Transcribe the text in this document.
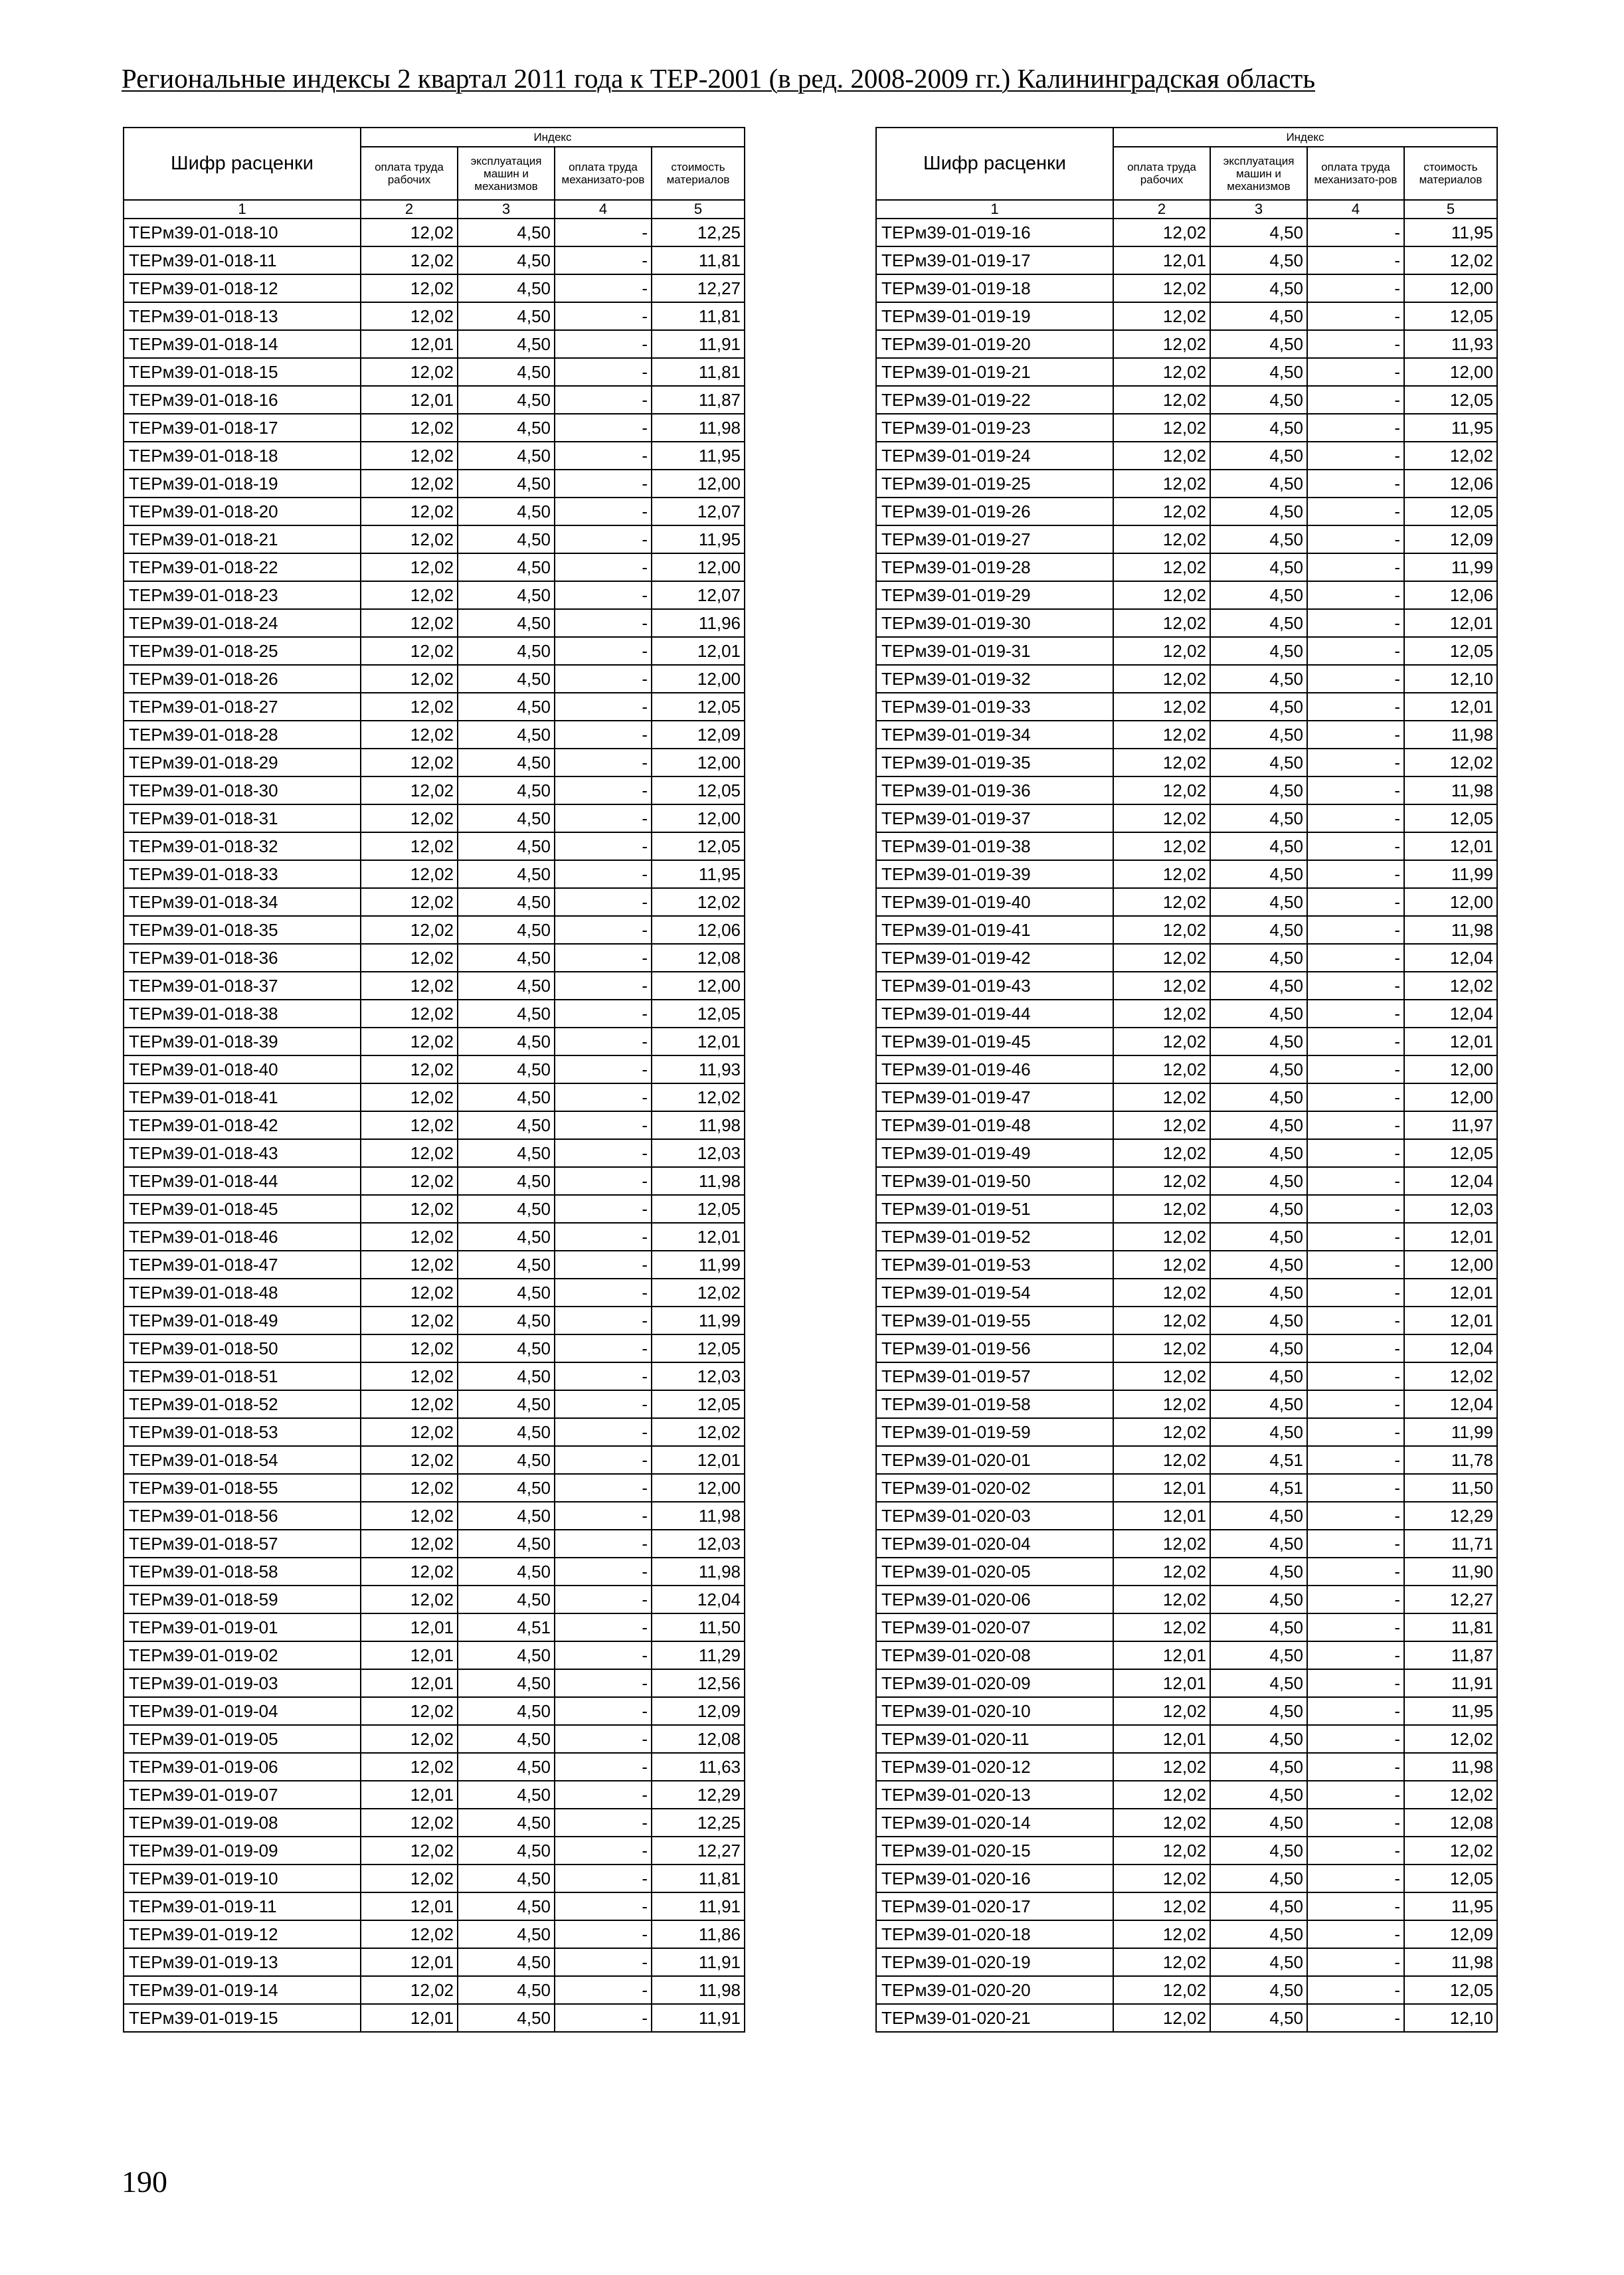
Региональные индексы 2 квартал 2011 года к ТЕР-2001 (в ред. 2008-2009 гг.) Калининградская область
Шифр расценки	Индекс			
	оплата труда рабочих	эксплуатация машин и механизмов	оплата труда механизато-ров	стоимость материалов
1	2	3	4	5
ТЕРм39-01-018-10	12,02	4,50	-	12,25
ТЕРм39-01-018-11	12,02	4,50	-	11,81
ТЕРм39-01-018-12	12,02	4,50	-	12,27
ТЕРм39-01-018-13	12,02	4,50	-	11,81
ТЕРм39-01-018-14	12,01	4,50	-	11,91
ТЕРм39-01-018-15	12,02	4,50	-	11,81
ТЕРм39-01-018-16	12,01	4,50	-	11,87
ТЕРм39-01-018-17	12,02	4,50	-	11,98
ТЕРм39-01-018-18	12,02	4,50	-	11,95
ТЕРм39-01-018-19	12,02	4,50	-	12,00
ТЕРм39-01-018-20	12,02	4,50	-	12,07
ТЕРм39-01-018-21	12,02	4,50	-	11,95
ТЕРм39-01-018-22	12,02	4,50	-	12,00
ТЕРм39-01-018-23	12,02	4,50	-	12,07
ТЕРм39-01-018-24	12,02	4,50	-	11,96
ТЕРм39-01-018-25	12,02	4,50	-	12,01
ТЕРм39-01-018-26	12,02	4,50	-	12,00
ТЕРм39-01-018-27	12,02	4,50	-	12,05
ТЕРм39-01-018-28	12,02	4,50	-	12,09
ТЕРм39-01-018-29	12,02	4,50	-	12,00
ТЕРм39-01-018-30	12,02	4,50	-	12,05
ТЕРм39-01-018-31	12,02	4,50	-	12,00
ТЕРм39-01-018-32	12,02	4,50	-	12,05
ТЕРм39-01-018-33	12,02	4,50	-	11,95
ТЕРм39-01-018-34	12,02	4,50	-	12,02
ТЕРм39-01-018-35	12,02	4,50	-	12,06
ТЕРм39-01-018-36	12,02	4,50	-	12,08
ТЕРм39-01-018-37	12,02	4,50	-	12,00
ТЕРм39-01-018-38	12,02	4,50	-	12,05
ТЕРм39-01-018-39	12,02	4,50	-	12,01
ТЕРм39-01-018-40	12,02	4,50	-	11,93
ТЕРм39-01-018-41	12,02	4,50	-	12,02
ТЕРм39-01-018-42	12,02	4,50	-	11,98
ТЕРм39-01-018-43	12,02	4,50	-	12,03
ТЕРм39-01-018-44	12,02	4,50	-	11,98
ТЕРм39-01-018-45	12,02	4,50	-	12,05
ТЕРм39-01-018-46	12,02	4,50	-	12,01
ТЕРм39-01-018-47	12,02	4,50	-	11,99
ТЕРм39-01-018-48	12,02	4,50	-	12,02
ТЕРм39-01-018-49	12,02	4,50	-	11,99
ТЕРм39-01-018-50	12,02	4,50	-	12,05
ТЕРм39-01-018-51	12,02	4,50	-	12,03
ТЕРм39-01-018-52	12,02	4,50	-	12,05
ТЕРм39-01-018-53	12,02	4,50	-	12,02
ТЕРм39-01-018-54	12,02	4,50	-	12,01
ТЕРм39-01-018-55	12,02	4,50	-	12,00
ТЕРм39-01-018-56	12,02	4,50	-	11,98
ТЕРм39-01-018-57	12,02	4,50	-	12,03
ТЕРм39-01-018-58	12,02	4,50	-	11,98
ТЕРм39-01-018-59	12,02	4,50	-	12,04
ТЕРм39-01-019-01	12,01	4,51	-	11,50
ТЕРм39-01-019-02	12,01	4,50	-	11,29
ТЕРм39-01-019-03	12,01	4,50	-	12,56
ТЕРм39-01-019-04	12,02	4,50	-	12,09
ТЕРм39-01-019-05	12,02	4,50	-	12,08
ТЕРм39-01-019-06	12,02	4,50	-	11,63
ТЕРм39-01-019-07	12,01	4,50	-	12,29
ТЕРм39-01-019-08	12,02	4,50	-	12,25
ТЕРм39-01-019-09	12,02	4,50	-	12,27
ТЕРм39-01-019-10	12,02	4,50	-	11,81
ТЕРм39-01-019-11	12,01	4,50	-	11,91
ТЕРм39-01-019-12	12,02	4,50	-	11,86
ТЕРм39-01-019-13	12,01	4,50	-	11,91
ТЕРм39-01-019-14	12,02	4,50	-	11,98
ТЕРм39-01-019-15	12,01	4,50	-	11,91
Шифр расценки	Индекс			
	оплата труда рабочих	эксплуатация машин и механизмов	оплата труда механизато-ров	стоимость материалов
1	2	3	4	5
ТЕРм39-01-019-16	12,02	4,50	-	11,95
ТЕРм39-01-019-17	12,01	4,50	-	12,02
ТЕРм39-01-019-18	12,02	4,50	-	12,00
ТЕРм39-01-019-19	12,02	4,50	-	12,05
ТЕРм39-01-019-20	12,02	4,50	-	11,93
ТЕРм39-01-019-21	12,02	4,50	-	12,00
ТЕРм39-01-019-22	12,02	4,50	-	12,05
ТЕРм39-01-019-23	12,02	4,50	-	11,95
ТЕРм39-01-019-24	12,02	4,50	-	12,02
ТЕРм39-01-019-25	12,02	4,50	-	12,06
ТЕРм39-01-019-26	12,02	4,50	-	12,05
ТЕРм39-01-019-27	12,02	4,50	-	12,09
ТЕРм39-01-019-28	12,02	4,50	-	11,99
ТЕРм39-01-019-29	12,02	4,50	-	12,06
ТЕРм39-01-019-30	12,02	4,50	-	12,01
ТЕРм39-01-019-31	12,02	4,50	-	12,05
ТЕРм39-01-019-32	12,02	4,50	-	12,10
ТЕРм39-01-019-33	12,02	4,50	-	12,01
ТЕРм39-01-019-34	12,02	4,50	-	11,98
ТЕРм39-01-019-35	12,02	4,50	-	12,02
ТЕРм39-01-019-36	12,02	4,50	-	11,98
ТЕРм39-01-019-37	12,02	4,50	-	12,05
ТЕРм39-01-019-38	12,02	4,50	-	12,01
ТЕРм39-01-019-39	12,02	4,50	-	11,99
ТЕРм39-01-019-40	12,02	4,50	-	12,00
ТЕРм39-01-019-41	12,02	4,50	-	11,98
ТЕРм39-01-019-42	12,02	4,50	-	12,04
ТЕРм39-01-019-43	12,02	4,50	-	12,02
ТЕРм39-01-019-44	12,02	4,50	-	12,04
ТЕРм39-01-019-45	12,02	4,50	-	12,01
ТЕРм39-01-019-46	12,02	4,50	-	12,00
ТЕРм39-01-019-47	12,02	4,50	-	12,00
ТЕРм39-01-019-48	12,02	4,50	-	11,97
ТЕРм39-01-019-49	12,02	4,50	-	12,05
ТЕРм39-01-019-50	12,02	4,50	-	12,04
ТЕРм39-01-019-51	12,02	4,50	-	12,03
ТЕРм39-01-019-52	12,02	4,50	-	12,01
ТЕРм39-01-019-53	12,02	4,50	-	12,00
ТЕРм39-01-019-54	12,02	4,50	-	12,01
ТЕРм39-01-019-55	12,02	4,50	-	12,01
ТЕРм39-01-019-56	12,02	4,50	-	12,04
ТЕРм39-01-019-57	12,02	4,50	-	12,02
ТЕРм39-01-019-58	12,02	4,50	-	12,04
ТЕРм39-01-019-59	12,02	4,50	-	11,99
ТЕРм39-01-020-01	12,02	4,51	-	11,78
ТЕРм39-01-020-02	12,01	4,51	-	11,50
ТЕРм39-01-020-03	12,01	4,50	-	12,29
ТЕРм39-01-020-04	12,02	4,50	-	11,71
ТЕРм39-01-020-05	12,02	4,50	-	11,90
ТЕРм39-01-020-06	12,02	4,50	-	12,27
ТЕРм39-01-020-07	12,02	4,50	-	11,81
ТЕРм39-01-020-08	12,01	4,50	-	11,87
ТЕРм39-01-020-09	12,01	4,50	-	11,91
ТЕРм39-01-020-10	12,02	4,50	-	11,95
ТЕРм39-01-020-11	12,01	4,50	-	12,02
ТЕРм39-01-020-12	12,02	4,50	-	11,98
ТЕРм39-01-020-13	12,02	4,50	-	12,02
ТЕРм39-01-020-14	12,02	4,50	-	12,08
ТЕРм39-01-020-15	12,02	4,50	-	12,02
ТЕРм39-01-020-16	12,02	4,50	-	12,05
ТЕРм39-01-020-17	12,02	4,50	-	11,95
ТЕРм39-01-020-18	12,02	4,50	-	12,09
ТЕРм39-01-020-19	12,02	4,50	-	11,98
ТЕРм39-01-020-20	12,02	4,50	-	12,05
ТЕРм39-01-020-21	12,02	4,50	-	12,10
190
